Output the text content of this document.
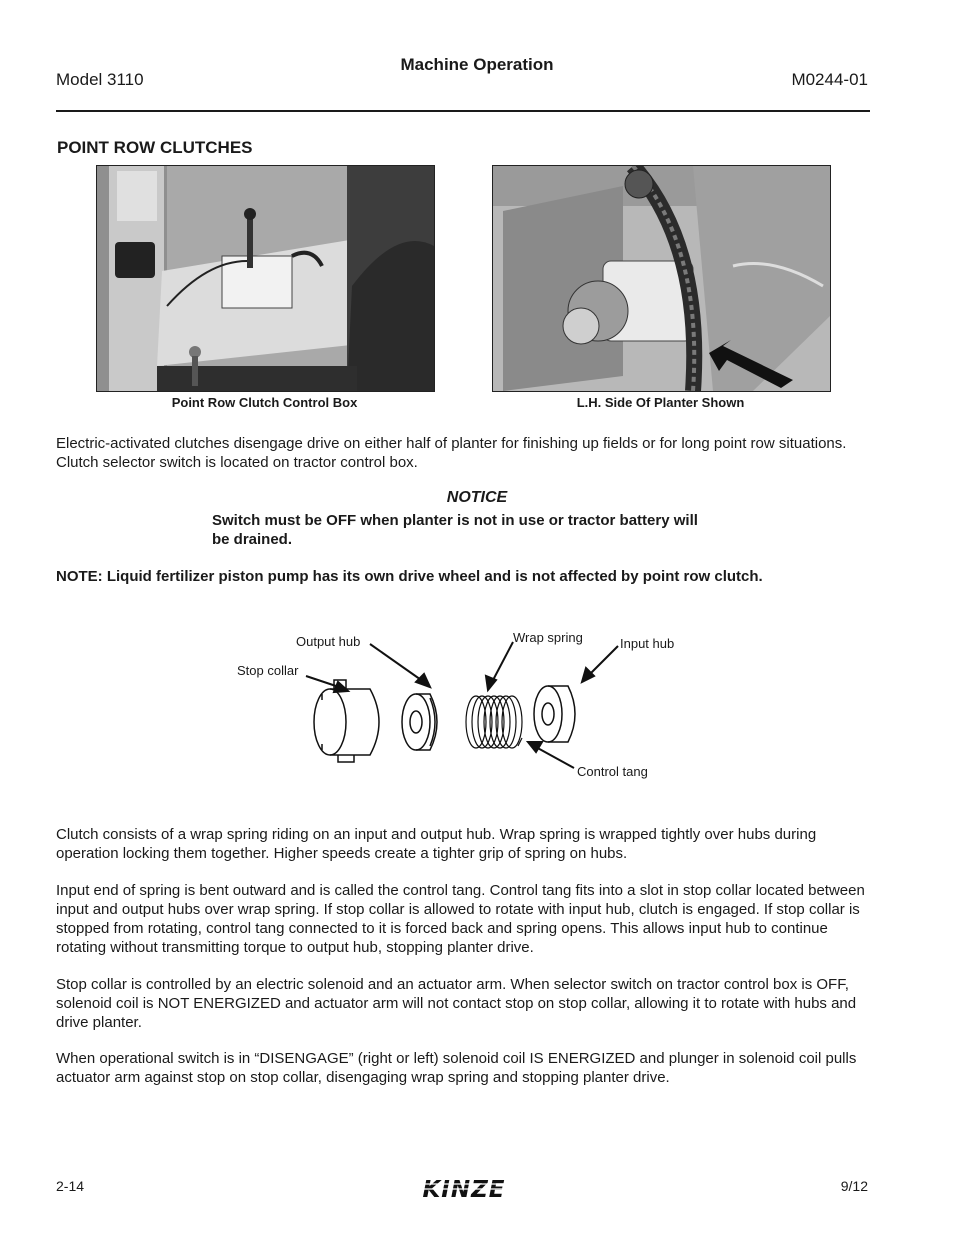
Model 3110
Machine Operation
M0244-01
POINT ROW CLUTCHES
Point Row Clutch Control Box	L.H. Side Of Planter Shown
Electric-activated clutches disengage drive on either half of planter for finishing up fields or for long point row situations. Clutch selector switch is located on tractor control box.
NOTICE
Switch must be OFF when planter is not in use or tractor battery will be drained.
NOTE: Liquid fertilizer piston pump has its own drive wheel and is not affected by point row clutch.
Output hub	Wrap spring	Input hub
Stop collar
Control tang
Clutch consists of a wrap spring riding on an input and output hub. Wrap spring is wrapped tightly over hubs during operation locking them together. Higher speeds create a tighter grip of spring on hubs.
Input end of spring is bent outward and is called the control tang. Control tang fits into a slot in stop collar located between input and output hubs over wrap spring. If stop collar is allowed to rotate with input hub, clutch is engaged. If stop collar is stopped from rotating, control tang connected to it is forced back and spring opens. This allows input hub to continue rotating without transmitting torque to output hub, stopping planter drive.
Stop collar is controlled by an electric solenoid and an actuator arm. When selector switch on tractor control box is OFF, solenoid coil is NOT ENERGIZED and actuator arm will not contact stop on stop collar, allowing it to rotate with hubs and drive planter.
When operational switch is in “DISENGAGE” (right or left) solenoid coil IS ENERGIZED and plunger in solenoid coil pulls actuator arm against stop on stop collar, disengaging wrap spring and stopping planter drive.
2-14	KINZE	9/12
